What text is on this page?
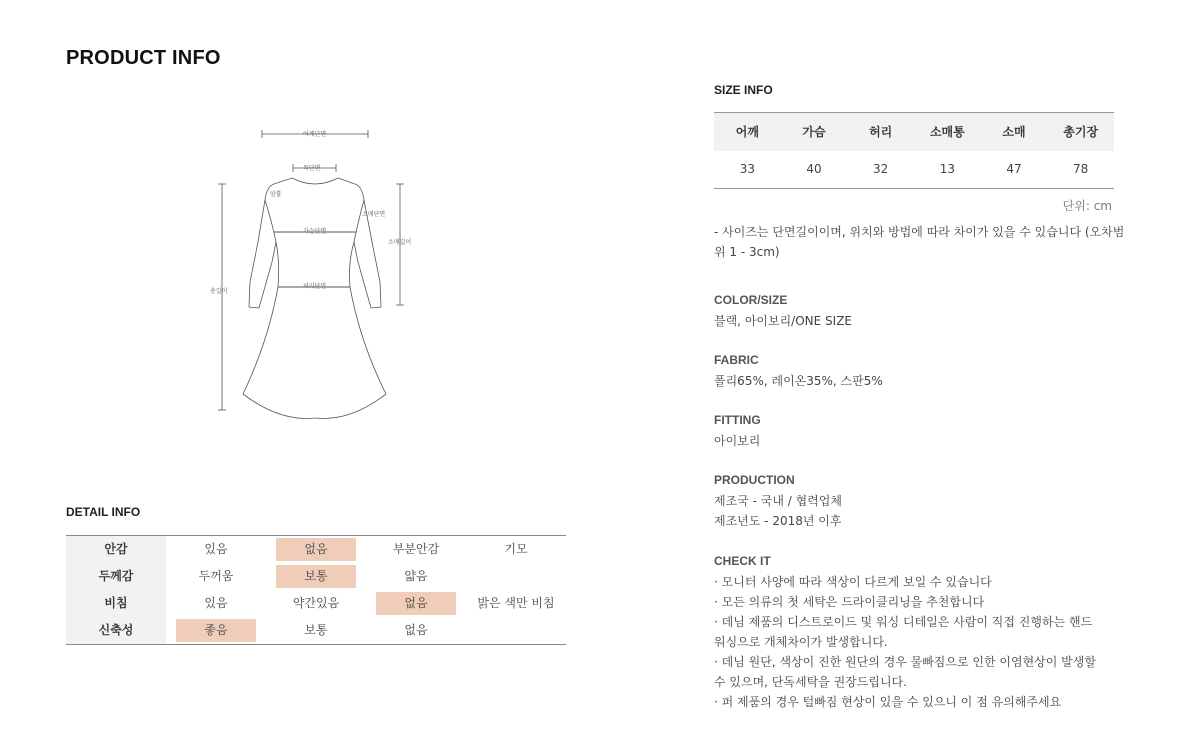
PRODUCT INFO
어깨단면
목단면
암홀
가슴단면
소매단면
소매길이
허리단면
총길이
DETAIL INFO
안감	있음	없음	부분안감	기모
두께감	두꺼움	보통	얇음
비침	있음	약간있음	없음	밝은 색만 비침
신축성	좋음	보통	없음
SIZE INFO
어깨	가슴	허리	소매통	소매	총기장
33	40	32	13	47	78
단위: cm
- 사이즈는 단면길이이며, 위치와 방법에 따라 차이가 있을 수 있습니다 (오차범위 1 - 3cm)
COLOR/SIZE
블랙, 아이보리/ONE SIZE
FABRIC
폴리65%, 레이온35%, 스판5%
FITTING
아이보리
PRODUCTION
제조국 - 국내 / 협력업체
제조년도 - 2018년 이후
CHECK IT
· 모니터 사양에 따라 색상이 다르게 보일 수 있습니다
· 모든 의류의 첫 세탁은 드라이클리닝을 추천합니다
· 데님 제품의 디스트로이드 및 워싱 디테일은 사람이 직접 진행하는 핸드
워싱으로 개체차이가 발생합니다.
· 데님 원단, 색상이 진한 원단의 경우 물빠짐으로 인한 이염현상이 발생할
수 있으며, 단독세탁을 권장드립니다.
· 퍼 제품의 경우 털빠짐 현상이 있을 수 있으니 이 점 유의해주세요
